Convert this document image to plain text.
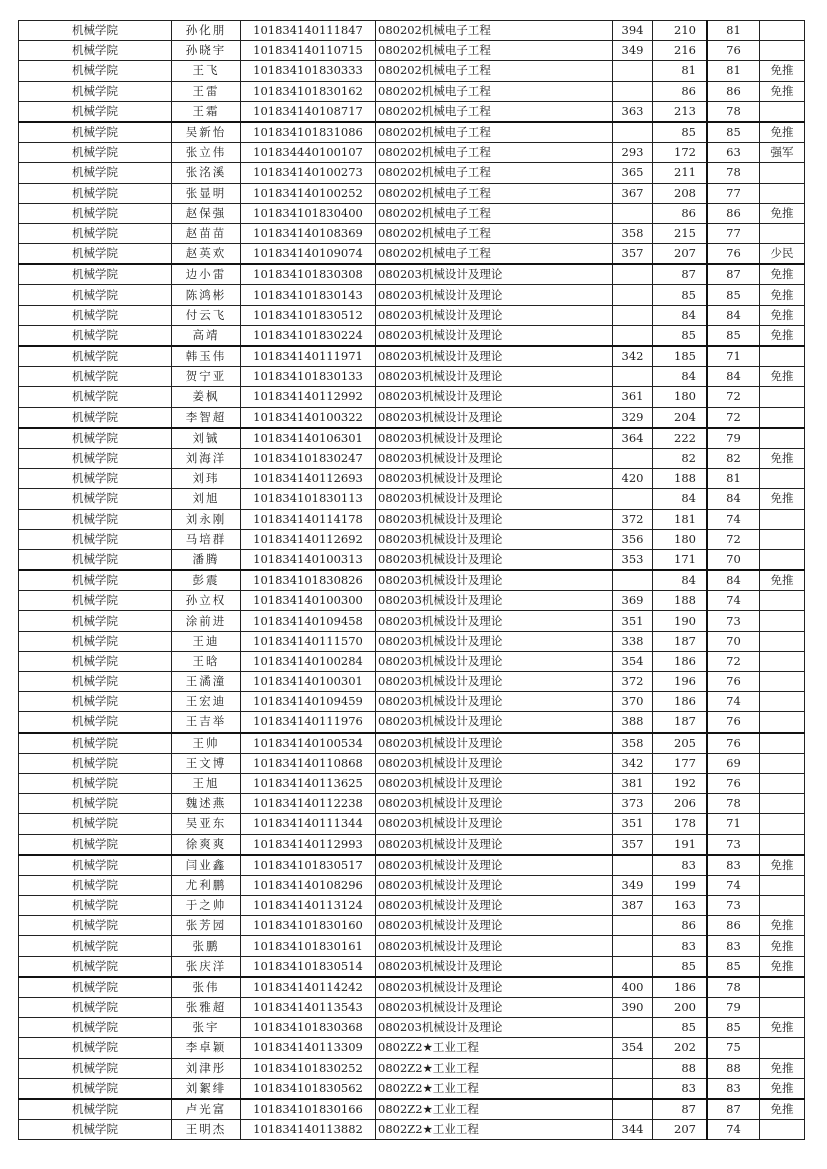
机械学院	孙化朋	101834140111847	080202机械电子工程	394	210	81	
机械学院	孙晓宇	101834140110715	080202机械电子工程	349	216	76	
机械学院	王飞	101834101830333	080202机械电子工程		81	81	免推
机械学院	王雷	101834101830162	080202机械电子工程		86	86	免推
机械学院	王霜	101834140108717	080202机械电子工程	363	213	78	
机械学院	吴新怡	101834101831086	080202机械电子工程		85	85	免推
机械学院	张立伟	101834440100107	080202机械电子工程	293	172	63	强军
机械学院	张洺溪	101834140100273	080202机械电子工程	365	211	78	
机械学院	张显明	101834140100252	080202机械电子工程	367	208	77	
机械学院	赵保强	101834101830400	080202机械电子工程		86	86	免推
机械学院	赵苗苗	101834140108369	080202机械电子工程	358	215	77	
机械学院	赵英欢	101834140109074	080202机械电子工程	357	207	76	少民
机械学院	边小雷	101834101830308	080203机械设计及理论		87	87	免推
机械学院	陈鸿彬	101834101830143	080203机械设计及理论		85	85	免推
机械学院	付云飞	101834101830512	080203机械设计及理论		84	84	免推
机械学院	高靖	101834101830224	080203机械设计及理论		85	85	免推
机械学院	韩玉伟	101834140111971	080203机械设计及理论	342	185	71	
机械学院	贺宁亚	101834101830133	080203机械设计及理论		84	84	免推
机械学院	姜枫	101834140112992	080203机械设计及理论	361	180	72	
机械学院	李智超	101834140100322	080203机械设计及理论	329	204	72	
机械学院	刘铖	101834140106301	080203机械设计及理论	364	222	79	
机械学院	刘海洋	101834101830247	080203机械设计及理论		82	82	免推
机械学院	刘玮	101834140112693	080203机械设计及理论	420	188	81	
机械学院	刘旭	101834101830113	080203机械设计及理论		84	84	免推
机械学院	刘永刚	101834140114178	080203机械设计及理论	372	181	74	
机械学院	马培群	101834140112692	080203机械设计及理论	356	180	72	
机械学院	潘腾	101834140100313	080203机械设计及理论	353	171	70	
机械学院	彭震	101834101830826	080203机械设计及理论		84	84	免推
机械学院	孙立权	101834140100300	080203机械设计及理论	369	188	74	
机械学院	涂前进	101834140109458	080203机械设计及理论	351	190	73	
机械学院	王迪	101834140111570	080203机械设计及理论	338	187	70	
机械学院	王晗	101834140100284	080203机械设计及理论	354	186	72	
机械学院	王潏潼	101834140100301	080203机械设计及理论	372	196	76	
机械学院	王宏迪	101834140109459	080203机械设计及理论	370	186	74	
机械学院	王吉举	101834140111976	080203机械设计及理论	388	187	76	
机械学院	王帅	101834140100534	080203机械设计及理论	358	205	76	
机械学院	王文博	101834140110868	080203机械设计及理论	342	177	69	
机械学院	王旭	101834140113625	080203机械设计及理论	381	192	76	
机械学院	魏述燕	101834140112238	080203机械设计及理论	373	206	78	
机械学院	吴亚东	101834140111344	080203机械设计及理论	351	178	71	
机械学院	徐爽爽	101834140112993	080203机械设计及理论	357	191	73	
机械学院	闫业鑫	101834101830517	080203机械设计及理论		83	83	免推
机械学院	尤利鹏	101834140108296	080203机械设计及理论	349	199	74	
机械学院	于之帅	101834140113124	080203机械设计及理论	387	163	73	
机械学院	张芳园	101834101830160	080203机械设计及理论		86	86	免推
机械学院	张鹏	101834101830161	080203机械设计及理论		83	83	免推
机械学院	张庆洋	101834101830514	080203机械设计及理论		85	85	免推
机械学院	张伟	101834140114242	080203机械设计及理论	400	186	78	
机械学院	张雅超	101834140113543	080203机械设计及理论	390	200	79	
机械学院	张宇	101834101830368	080203机械设计及理论		85	85	免推
机械学院	李卓颖	101834140113309	0802Z2★工业工程	354	202	75	
机械学院	刘津彤	101834101830252	0802Z2★工业工程		88	88	免推
机械学院	刘絮绯	101834101830562	0802Z2★工业工程		83	83	免推
机械学院	卢光富	101834101830166	0802Z2★工业工程		87	87	免推
机械学院	王明杰	101834140113882	0802Z2★工业工程	344	207	74	
